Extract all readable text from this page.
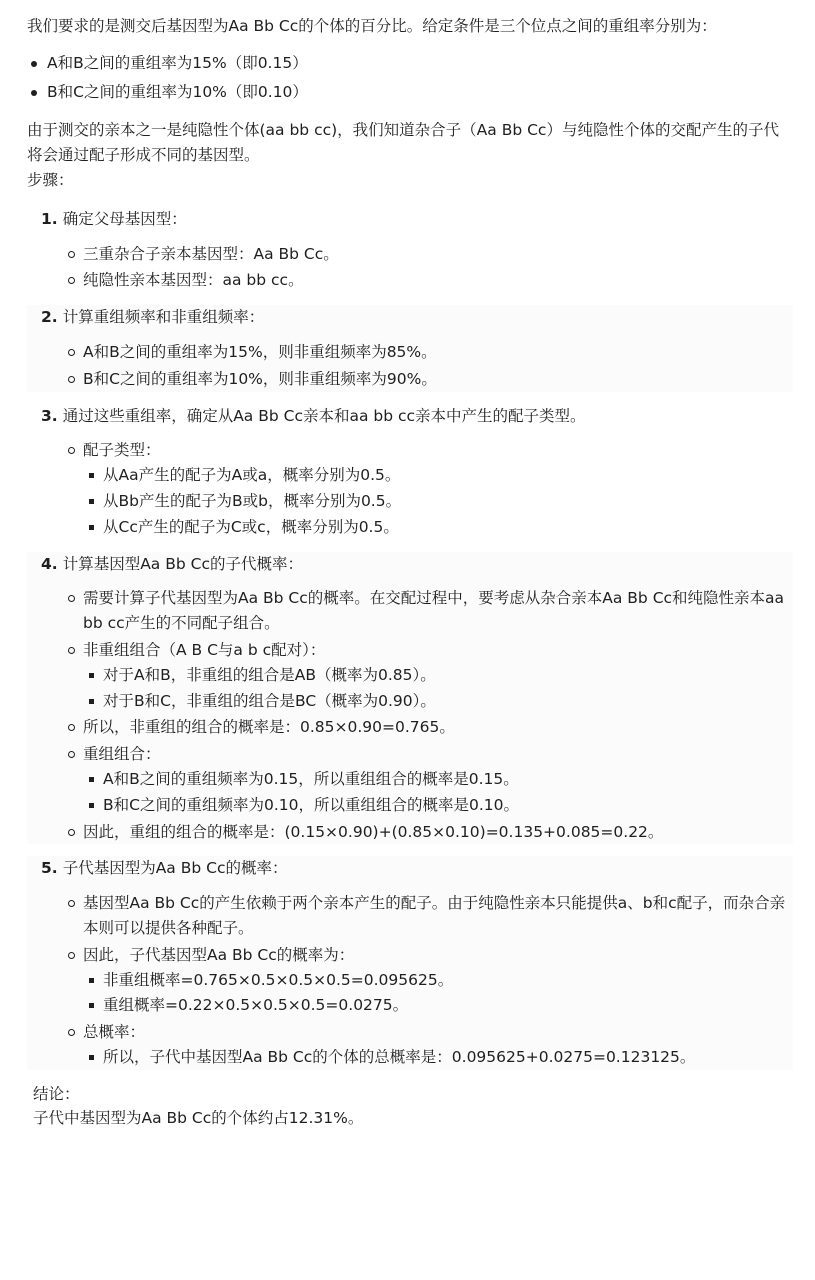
我们要求的是测交后基因型为Aa Bb Cc的个体的百分比。给定条件是三个位点之间的重组率分别为：

A和B之间的重组率为15%（即0.15）
B和C之间的重组率为10%（即0.10）

由于测交的亲本之一是纯隐性个体(aa bb cc)，我们知道杂合子（Aa Bb Cc）与纯隐性个体的交配产生的子代将会通过配子形成不同的基因型。

步骤：

1. 确定父母基因型：
三重杂合子亲本基因型：Aa Bb Cc。
纯隐性亲本基因型：aa bb cc。
2. 计算重组频率和非重组频率：
A和B之间的重组率为15%，则非重组频率为85%。
B和C之间的重组率为10%，则非重组频率为90%。
3. 通过这些重组率，确定从Aa Bb Cc亲本和aa bb cc亲本中产生的配子类型。
配子类型：
从Aa产生的配子为A或a，概率分别为0.5。
从Bb产生的配子为B或b，概率分别为0.5。
从Cc产生的配子为C或c，概率分别为0.5。
4. 计算基因型Aa Bb Cc的子代概率：
需要计算子代基因型为Aa Bb Cc的概率。在交配过程中，要考虑从杂合亲本Aa Bb Cc和纯隐性亲本aa bb cc产生的不同配子组合。
非重组组合（A B C与a b c配对）：
对于A和B，非重组的组合是AB（概率为0.85）。
对于B和C，非重组的组合是BC（概率为0.90）。
所以，非重组的组合的概率是：0.85×0.90=0.765。
重组组合：
A和B之间的重组频率为0.15，所以重组组合的概率是0.15。
B和C之间的重组频率为0.10，所以重组组合的概率是0.10。
因此，重组的组合的概率是：(0.15×0.90)+(0.85×0.10)=0.135+0.085=0.22。
5. 子代基因型为Aa Bb Cc的概率：
基因型Aa Bb Cc的产生依赖于两个亲本产生的配子。由于纯隐性亲本只能提供a、b和c配子，而杂合亲本则可以提供各种配子。
因此，子代基因型Aa Bb Cc的概率为：
非重组概率=0.765×0.5×0.5×0.5=0.095625。
重组概率=0.22×0.5×0.5×0.5=0.0275。
总概率：
所以，子代中基因型Aa Bb Cc的个体的总概率是：0.095625+0.0275=0.123125。

结论：

子代中基因型为Aa Bb Cc的个体约占12.31%。
